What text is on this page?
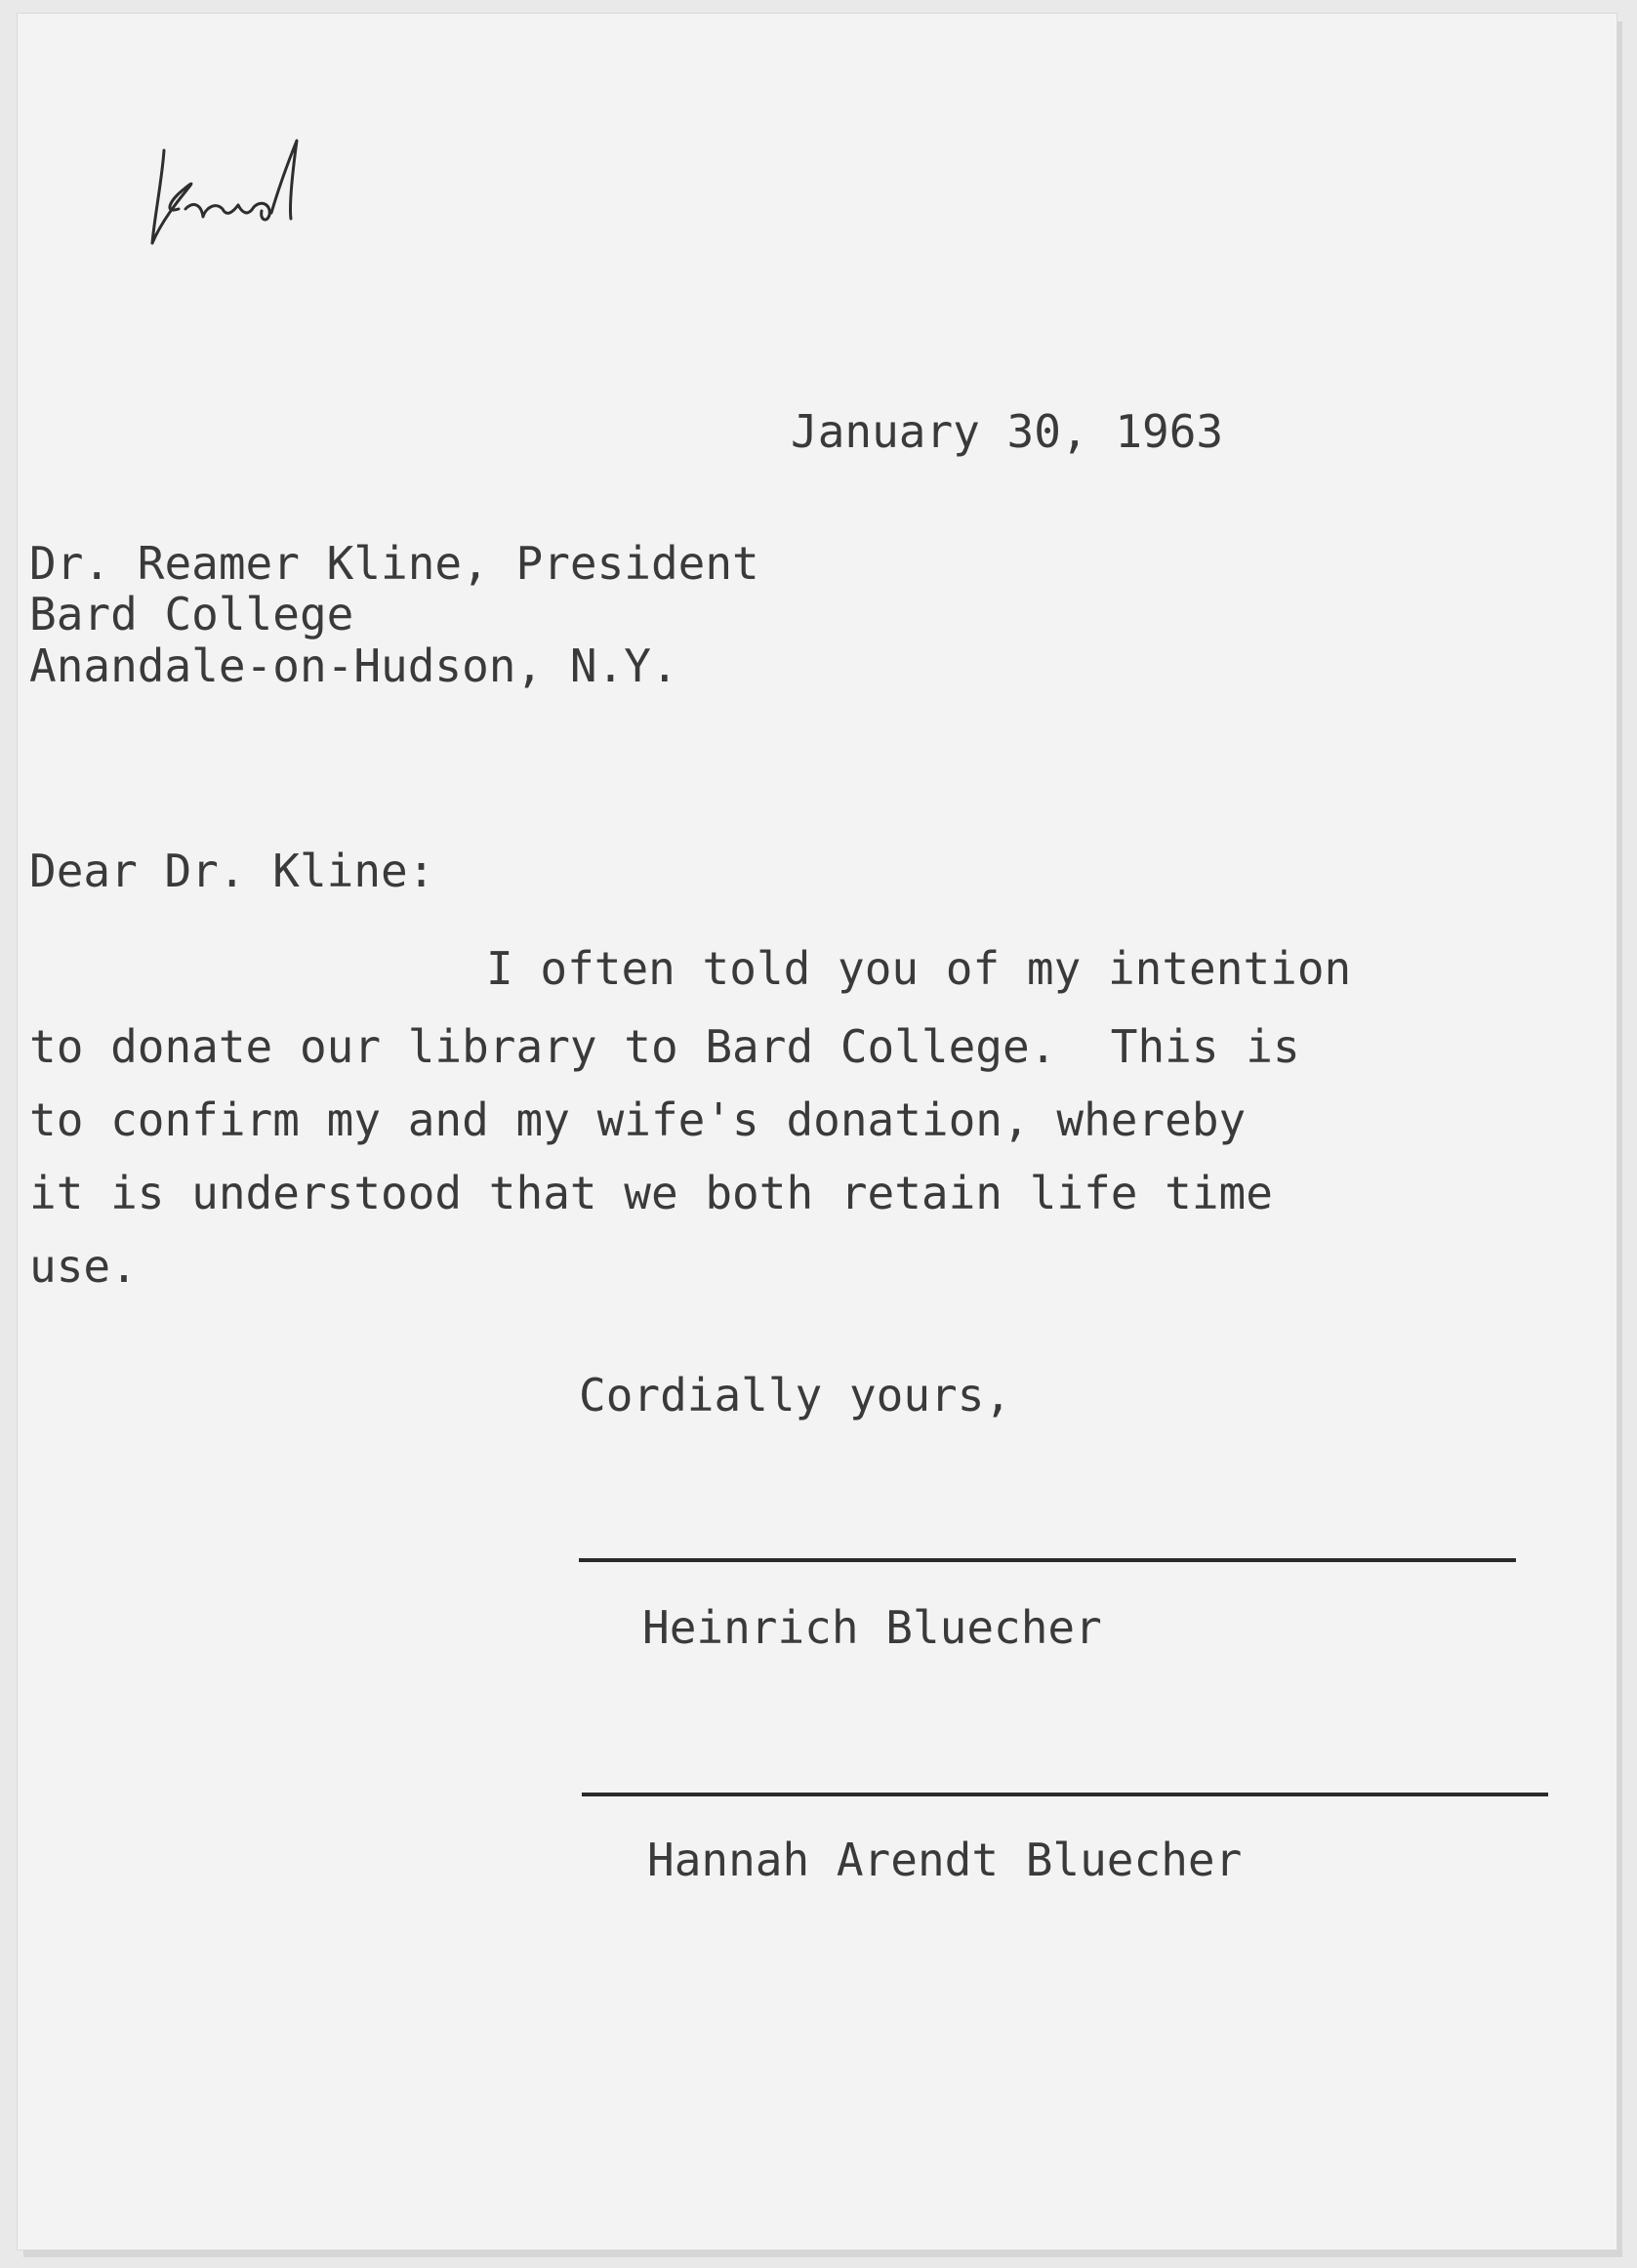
January 30, 1963
Dr. Reamer Kline, President
Bard College
Anandale-on-Hudson, N.Y.
Dear Dr. Kline:
I often told you of my intention
to donate our library to Bard College.  This is
to confirm my and my wife's donation, whereby
it is understood that we both retain life time
use.
Cordially yours,
Heinrich Bluecher
Hannah Arendt Bluecher
